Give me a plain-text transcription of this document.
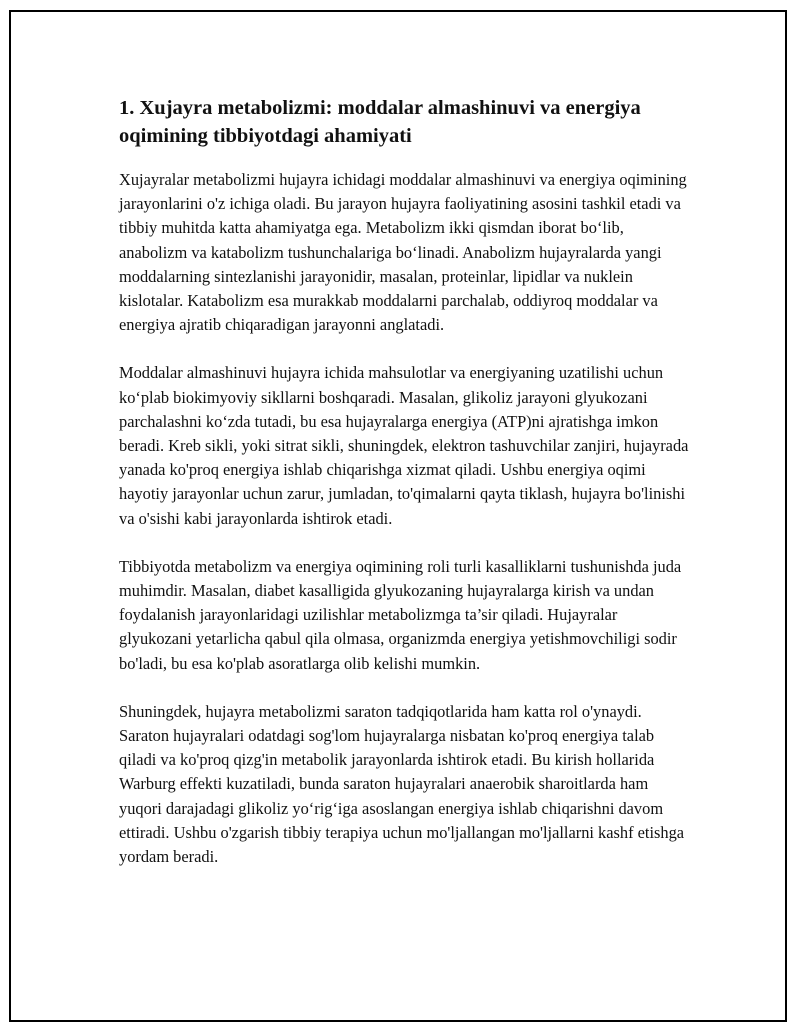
1. Xujayra metabolizmi: moddalar almashinuvi va energiya oqimining tibbiyotdagi ahamiyati

Xujayralar metabolizmi hujayra ichidagi moddalar almashinuvi va energiya oqimining jarayonlarini o'z ichiga oladi. Bu jarayon hujayra faoliyatining asosini tashkil etadi va tibbiy muhitda katta ahamiyatga ega. Metabolizm ikki qismdan iborat bo‘lib, anabolizm va katabolizm tushunchalariga bo‘linadi. Anabolizm hujayralarda yangi moddalarning sintezlanishi jarayonidir, masalan, proteinlar, lipidlar va nuklein kislotalar. Katabolizm esa murakkab moddalarni parchalab, oddiyroq moddalar va energiya ajratib chiqaradigan jarayonni anglatadi.

Moddalar almashinuvi hujayra ichida mahsulotlar va energiyaning uzatilishi uchun ko‘plab biokimyoviy sikllarni boshqaradi. Masalan, glikoliz jarayoni glyukozani parchalashni ko‘zda tutadi, bu esa hujayralarga energiya (ATP)ni ajratishga imkon beradi. Kreb sikli, yoki sitrat sikli, shuningdek, elektron tashuvchilar zanjiri, hujayrada yanada ko'proq energiya ishlab chiqarishga xizmat qiladi. Ushbu energiya oqimi hayotiy jarayonlar uchun zarur, jumladan, to'qimalarni qayta tiklash, hujayra bo'linishi va o'sishi kabi jarayonlarda ishtirok etadi.

Tibbiyotda metabolizm va energiya oqimining roli turli kasalliklarni tushunishda juda muhimdir. Masalan, diabet kasalligida glyukozaning hujayralarga kirish va undan foydalanish jarayonlaridagi uzilishlar metabolizmga ta’sir qiladi. Hujayralar glyukozani yetarlicha qabul qila olmasa, organizmda energiya yetishmovchiligi sodir bo'ladi, bu esa ko'plab asoratlarga olib kelishi mumkin.

Shuningdek, hujayra metabolizmi saraton tadqiqotlarida ham katta rol o'ynaydi. Saraton hujayralari odatdagi sog'lom hujayralarga nisbatan ko'proq energiya talab qiladi va ko'proq qizg'in metabolik jarayonlarda ishtirok etadi. Bu kirish hollarida Warburg effekti kuzatiladi, bunda saraton hujayralari anaerobik sharoitlarda ham yuqori darajadagi glikoliz yo‘rig‘iga asoslangan energiya ishlab chiqarishni davom ettiradi. Ushbu o'zgarish tibbiy terapiya uchun mo'ljallangan mo'ljallarni kashf etishga yordam beradi.
